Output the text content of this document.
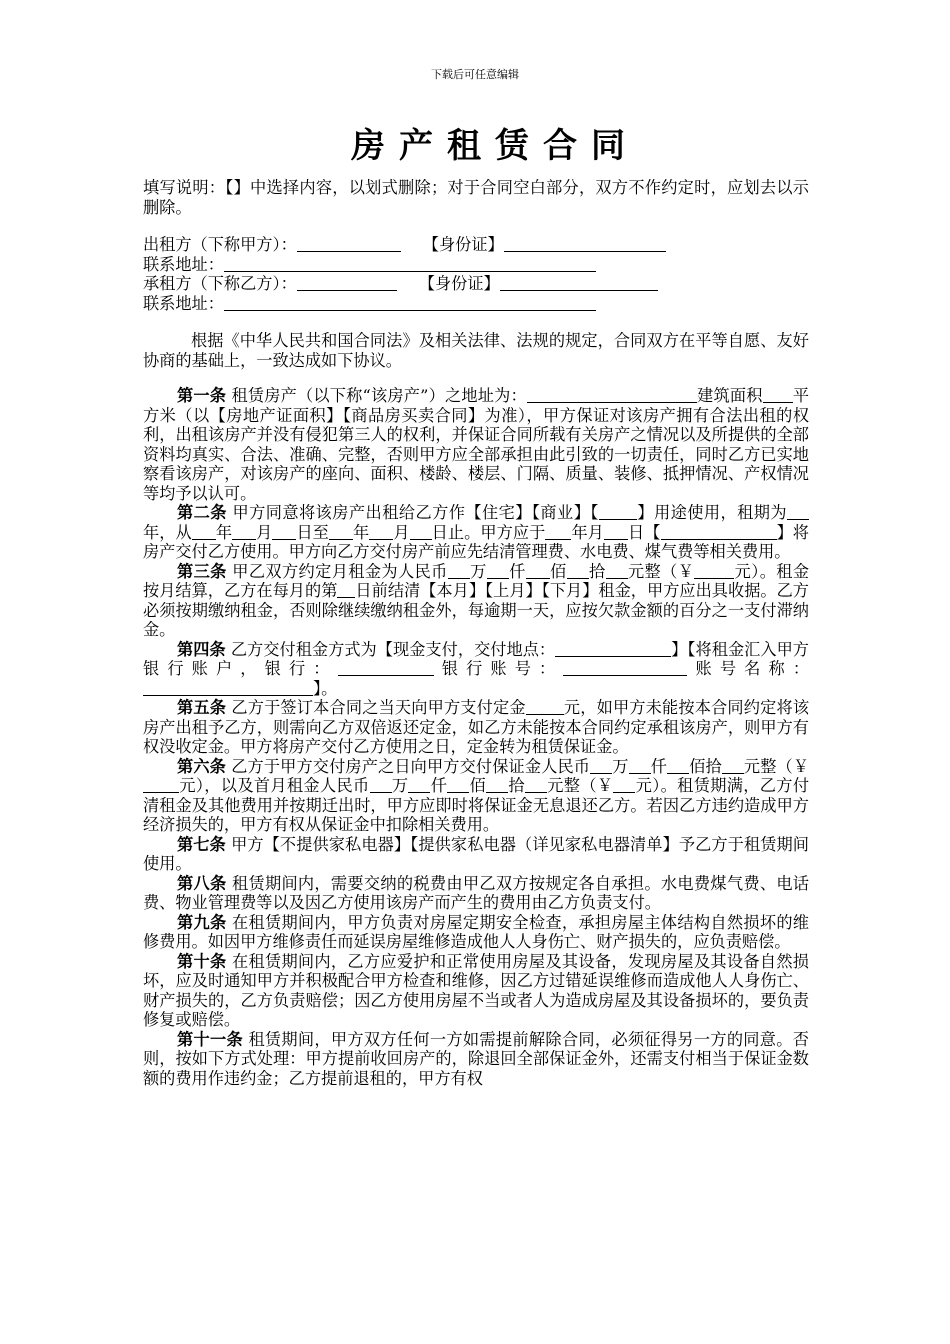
下载后可任意编辑
房产租赁合同

填写说明：【】中选择内容，以划式删除；对于合同空白部分，双方不作约定时，应划去以示删除。

出租方（下称甲方）：	【身份证】

联系地址：

承租方（下称乙方）：	【身份证】

联系地址：

根据《中华人民共和国合同法》及相关法律、法规的规定，合同双方在平等自愿、友好协商的基础上，一致达成如下协议。

第一条 租赁房产（以下称“该房产”）之地址为：	建筑面积 平方米（以【房地产证面积】【商品房买卖合同】为准），甲方保证对该房产拥有合法出租的权利，出租该房产并没有侵犯第三人的权利，并保证合同所载有关房产之情况以及所提供的全部资料均真实、合法、准确、完整，否则甲方应全部承担由此引致的一切责任，同时乙方已实地察看该房产，对该房产的座向、面积、楼龄、楼层、门隔、质量、装修、抵押情况、产权情况等均予以认可。

第二条 甲方同意将该房产出租给乙方作【住宅】【商业】【 】用途使用，租期为年，从 年 月 日至 年 月 日止。甲方应于 年月 日【	】将房产交付乙方使用。甲方向乙方交付房产前应先结清管理费、水电费、煤气费等相关费用。

第三条 甲乙双方约定月租金为人民币 万 仟 佰 拾 元整（￥ 元）。租金按月结算，乙方在每月的第 日前结清【本月】【上月】【下月】租金，甲方应出具收据。乙方必须按期缴纳租金，否则除继续缴纳租金外，每逾期一天，应按欠款金额的百分之一支付滞纳金。

第四条 乙方交付租金方式为【现金支付，交付地点：	】【将租金汇入甲方银行账户，银行：	银行账号：	账号名称：】。

第五条 乙方于签订本合同之当天向甲方支付定金 元，如甲方未能按本合同约定将该房产出租予乙方，则需向乙方双倍返还定金，如乙方未能按本合同约定承租该房产，则甲方有权没收定金。甲方将房产交付乙方使用之日，定金转为租赁保证金。

第六条 乙方于甲方交付房产之日向甲方交付保证金人民币 万 仟 佰拾 元整（￥元），以及首月租金人民币 万 仟 佰 拾 元整（￥ 元）。租赁期满，乙方付清租金及其他费用并按期迁出时，甲方应即时将保证金无息退还乙方。若因乙方违约造成甲方经济损失的，甲方有权从保证金中扣除相关费用。

第七条 甲方【不提供家私电器】【提供家私电器（详见家私电器清单】予乙方于租赁期间使用。

第八条 租赁期间内，需要交纳的税费由甲乙双方按规定各自承担。水电费煤气费、电话费、物业管理费等以及因乙方使用该房产而产生的费用由乙方负责支付。

第九条 在租赁期间内，甲方负责对房屋定期安全检查，承担房屋主体结构自然损坏的维修费用。如因甲方维修责任而延误房屋维修造成他人人身伤亡、财产损失的，应负责赔偿。

第十条 在租赁期间内，乙方应爱护和正常使用房屋及其设备，发现房屋及其设备自然损坏，应及时通知甲方并积极配合甲方检查和维修，因乙方过错延误维修而造成他人人身伤亡、财产损失的，乙方负责赔偿；因乙方使用房屋不当或者人为造成房屋及其设备损坏的，要负责修复或赔偿。

第十一条 租赁期间，甲方双方任何一方如需提前解除合同，必须征得另一方的同意。否则，按如下方式处理：甲方提前收回房产的，除退回全部保证金外，还需支付相当于保证金数额的费用作违约金；乙方提前退租的，甲方有权
